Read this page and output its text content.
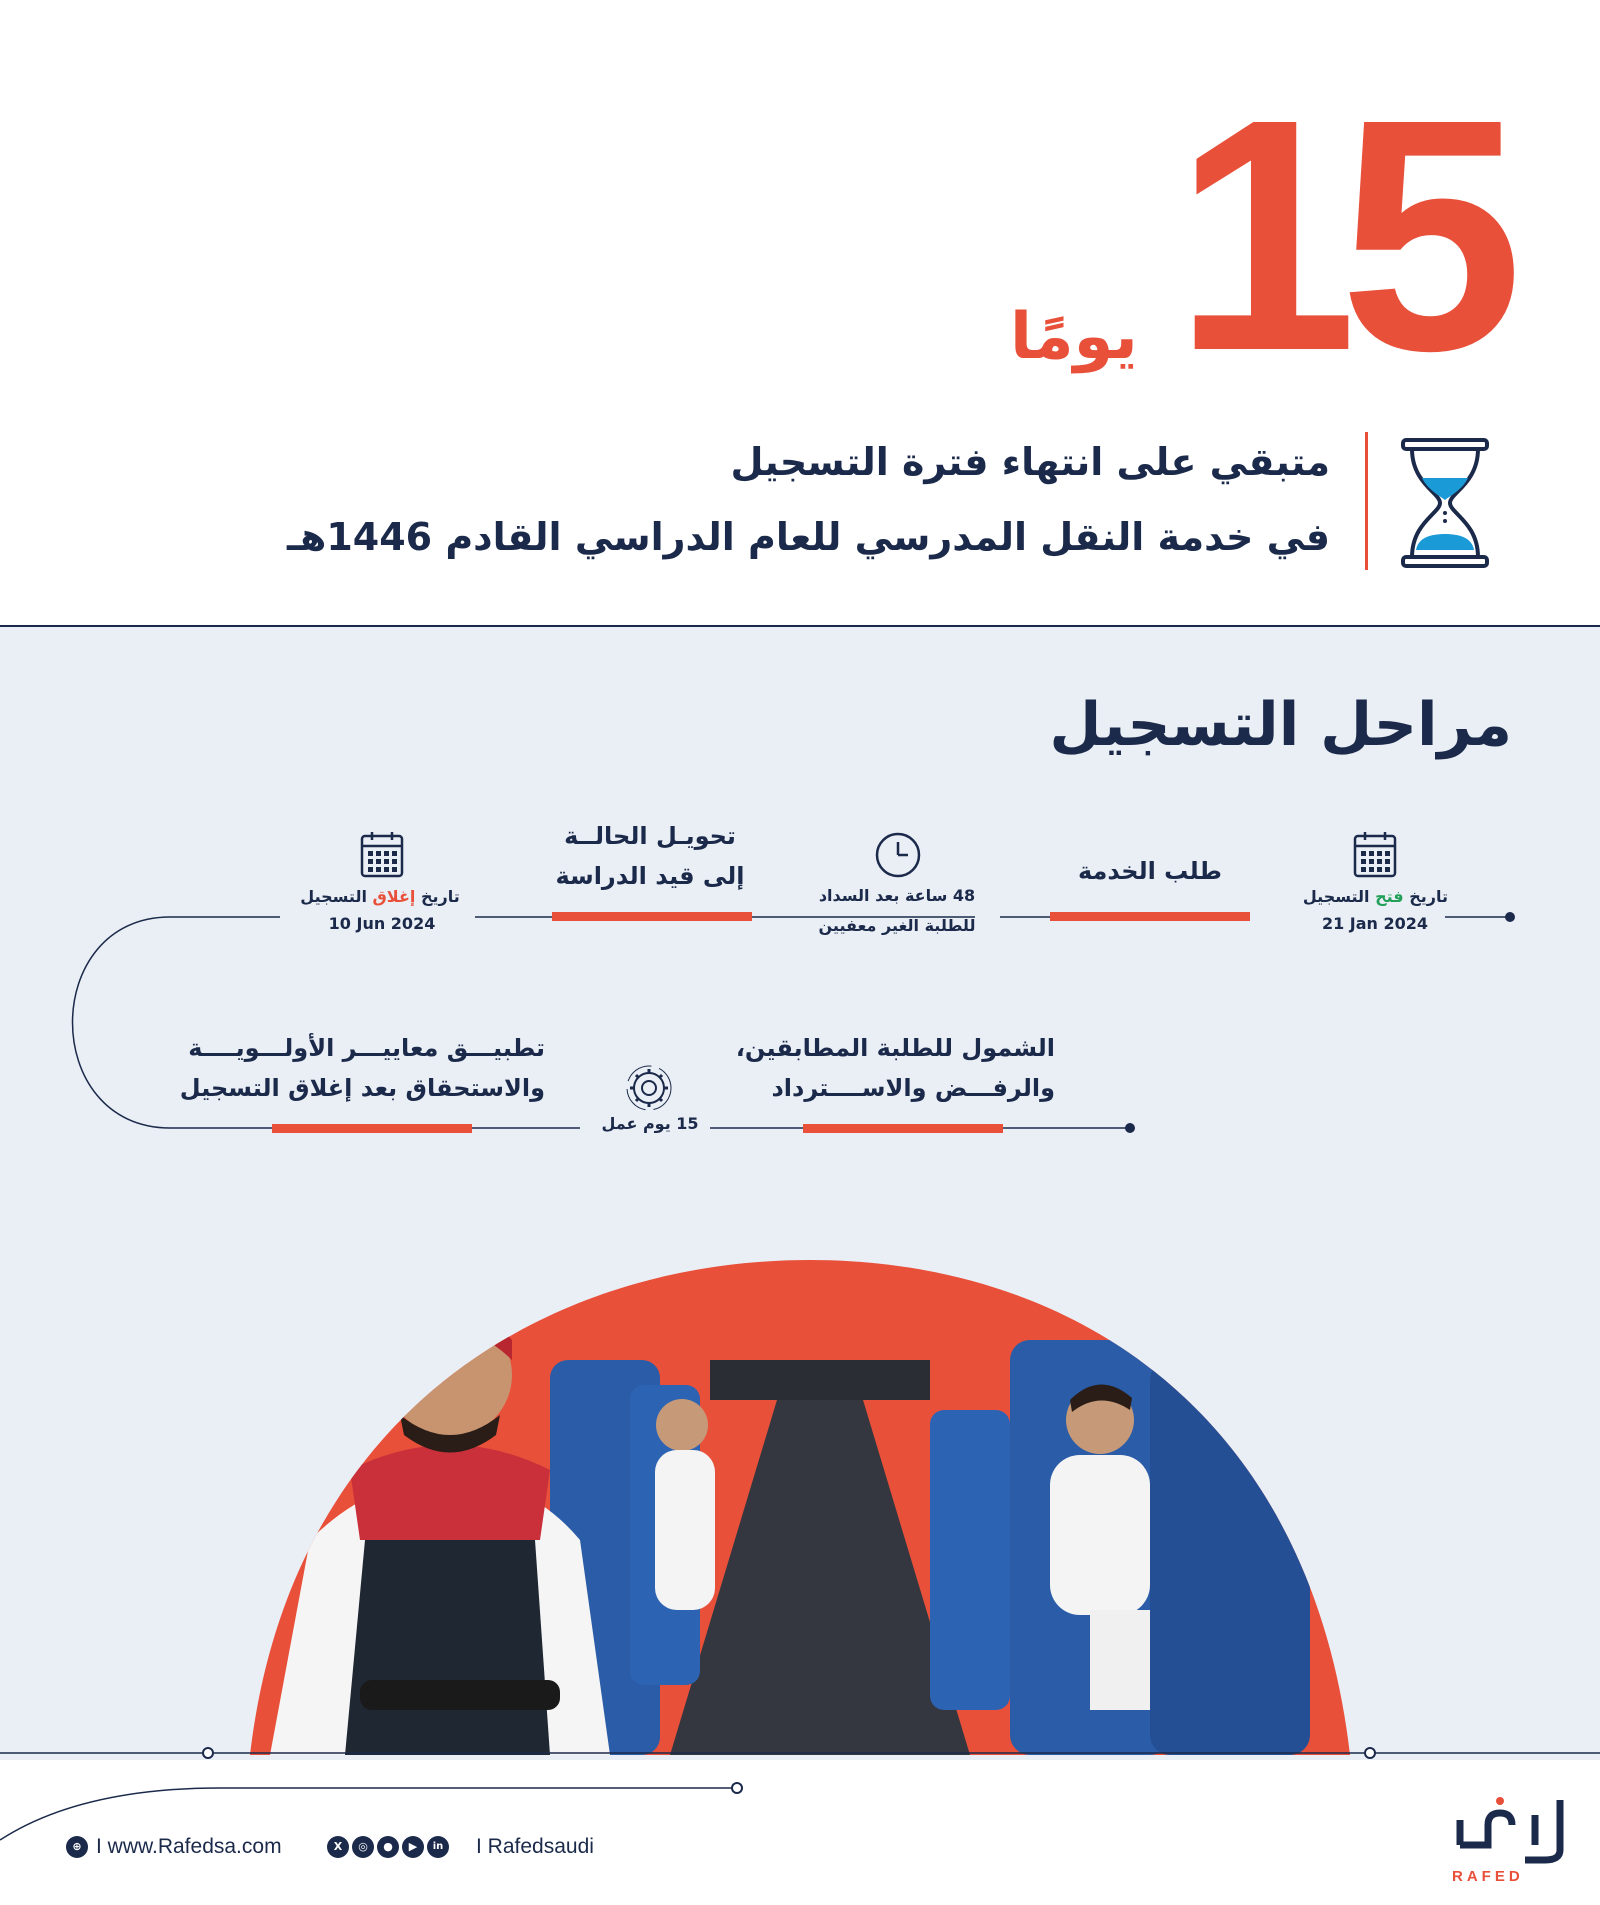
15
يومًا
متبقي على انتهاء فترة التسجيل
في خدمة النقل المدرسي للعام الدراسي القادم 1446هـ
مراحل التسجيل
تاريخ فتح التسجيل
21 Jan 2024
طلب الخدمة
48 ساعة بعد السداد
للطلبة الغير معفيين
تحويـل الحالــة
إلى قيد الدراسة
تاريخ إغلاق التسجيل
10 Jun 2024
الشمول للطلبة المطابقين،
والرفـــض والاســــترداد
15 يوم عمل
تطبيـــق معاييـــر الأولـــويــــة
والاستحقاق بعد إغلاق التسجيل
⊕ I www.Rafedsa.com	X	◎	●	▶	in I Rafedsaudi
RAFED
